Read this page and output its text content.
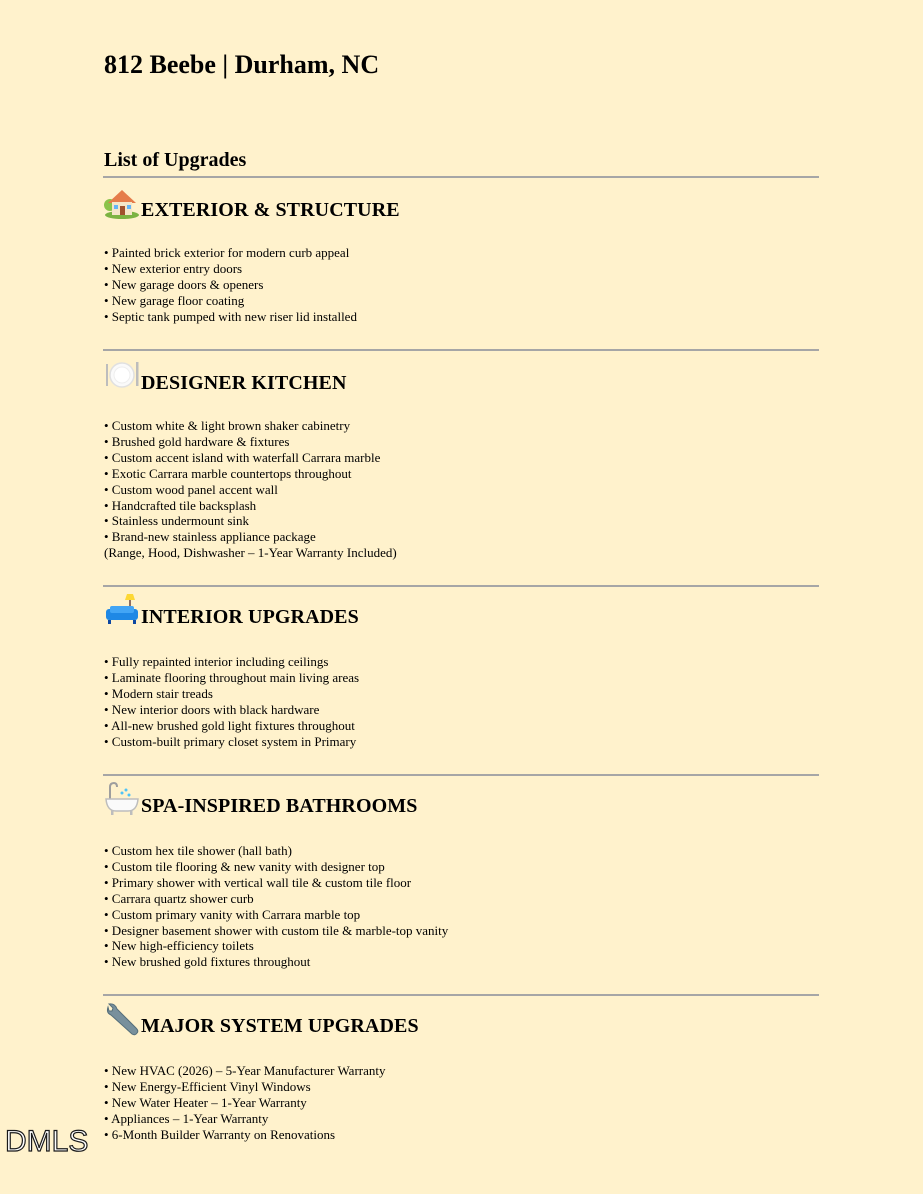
812 Beebe | Durham, NC
List of Upgrades
EXTERIOR & STRUCTURE
• Painted brick exterior for modern curb appeal
• New exterior entry doors
• New garage doors & openers
• New garage floor coating
• Septic tank pumped with new riser lid installed
DESIGNER KITCHEN
• Custom white & light brown shaker cabinetry
• Brushed gold hardware & fixtures
• Custom accent island with waterfall Carrara marble
• Exotic Carrara marble countertops throughout
• Custom wood panel accent wall
• Handcrafted tile backsplash
• Stainless undermount sink
• Brand-new stainless appliance package
(Range, Hood, Dishwasher – 1-Year Warranty Included)
INTERIOR UPGRADES
• Fully repainted interior including ceilings
• Laminate flooring throughout main living areas
• Modern stair treads
• New interior doors with black hardware
• All-new brushed gold light fixtures throughout
• Custom-built primary closet system in Primary
SPA-INSPIRED BATHROOMS
• Custom hex tile shower (hall bath)
• Custom tile flooring & new vanity with designer top
• Primary shower with vertical wall tile & custom tile floor
• Carrara quartz shower curb
• Custom primary vanity with Carrara marble top
• Designer basement shower with custom tile & marble-top vanity
• New high-efficiency toilets
• New brushed gold fixtures throughout
MAJOR SYSTEM UPGRADES
• New HVAC (2026) – 5-Year Manufacturer Warranty
• New Energy-Efficient Vinyl Windows
• New Water Heater – 1-Year Warranty
• Appliances – 1-Year Warranty
• 6-Month Builder Warranty on Renovations
DMLS
